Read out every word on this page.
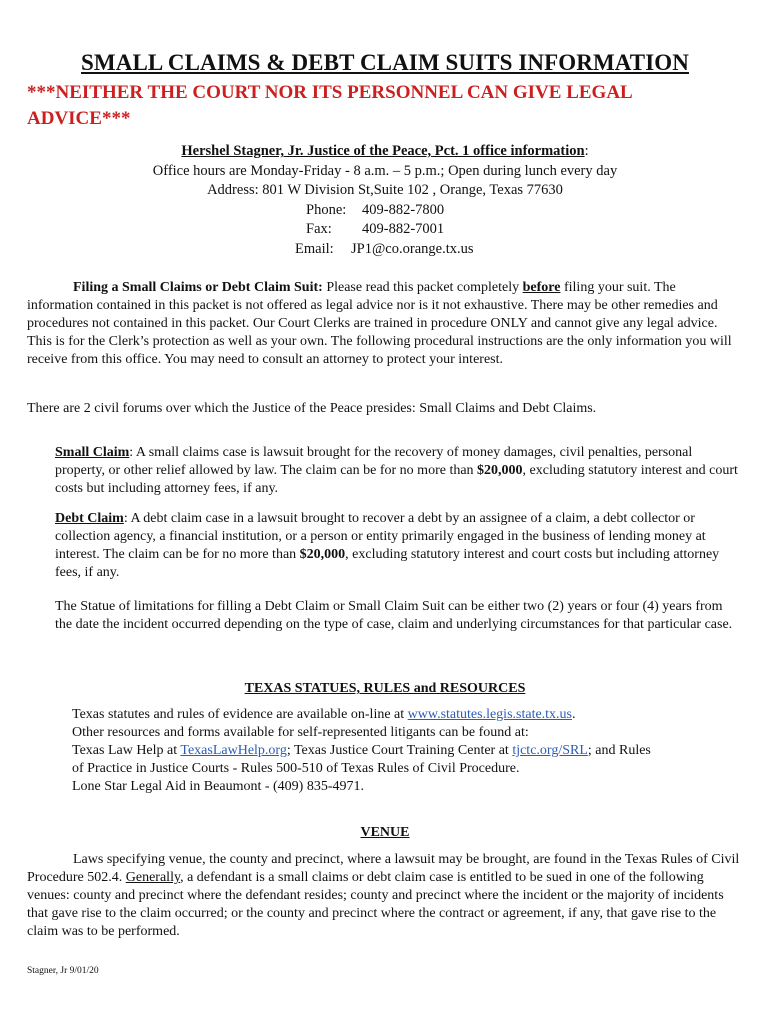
SMALL CLAIMS & DEBT CLAIM SUITS INFORMATION
***NEITHER THE COURT NOR ITS PERSONNEL CAN GIVE LEGAL ADVICE***
Hershel Stagner, Jr. Justice of the Peace, Pct. 1 office information:
Office hours are Monday-Friday - 8 a.m. – 5 p.m.; Open during lunch every day
Address: 801 W Division St,Suite 102 , Orange, Texas 77630
Phone: 409-882-7800
Fax: 409-882-7001
Email: JP1@co.orange.tx.us
Filing a Small Claims or Debt Claim Suit: Please read this packet completely before filing your suit. The information contained in this packet is not offered as legal advice nor is it not exhaustive. There may be other remedies and procedures not contained in this packet. Our Court Clerks are trained in procedure ONLY and cannot give any legal advice. This is for the Clerk’s protection as well as your own. The following procedural instructions are the only information you will receive from this office. You may need to consult an attorney to protect your interest.
There are 2 civil forums over which the Justice of the Peace presides: Small Claims and Debt Claims.
Small Claim: A small claims case is lawsuit brought for the recovery of money damages, civil penalties, personal property, or other relief allowed by law. The claim can be for no more than $20,000, excluding statutory interest and court costs but including attorney fees, if any.
Debt Claim: A debt claim case in a lawsuit brought to recover a debt by an assignee of a claim, a debt collector or collection agency, a financial institution, or a person or entity primarily engaged in the business of lending money at interest. The claim can be for no more than $20,000, excluding statutory interest and court costs but including attorney fees, if any.
The Statue of limitations for filling a Debt Claim or Small Claim Suit can be either two (2) years or four (4) years from the date the incident occurred depending on the type of case, claim and underlying circumstances for that particular case.
TEXAS STATUES, RULES and RESOURCES
Texas statutes and rules of evidence are available on-line at www.statutes.legis.state.tx.us.
Other resources and forms available for self-represented litigants can be found at:
Texas Law Help at TexasLawHelp.org; Texas Justice Court Training Center at tjctc.org/SRL; and Rules
of Practice in Justice Courts - Rules 500-510 of Texas Rules of Civil Procedure.
Lone Star Legal Aid in Beaumont - (409) 835-4971.
VENUE
Laws specifying venue, the county and precinct, where a lawsuit may be brought, are found in the Texas Rules of Civil Procedure 502.4. Generally, a defendant is a small claims or debt claim case is entitled to be sued in one of the following venues: county and precinct where the defendant resides; county and precinct where the incident or the majority of incidents that gave rise to the claim occurred; or the county and precinct where the contract or agreement, if any, that gave rise to the claim was to be performed.
Stagner, Jr 9/01/20
